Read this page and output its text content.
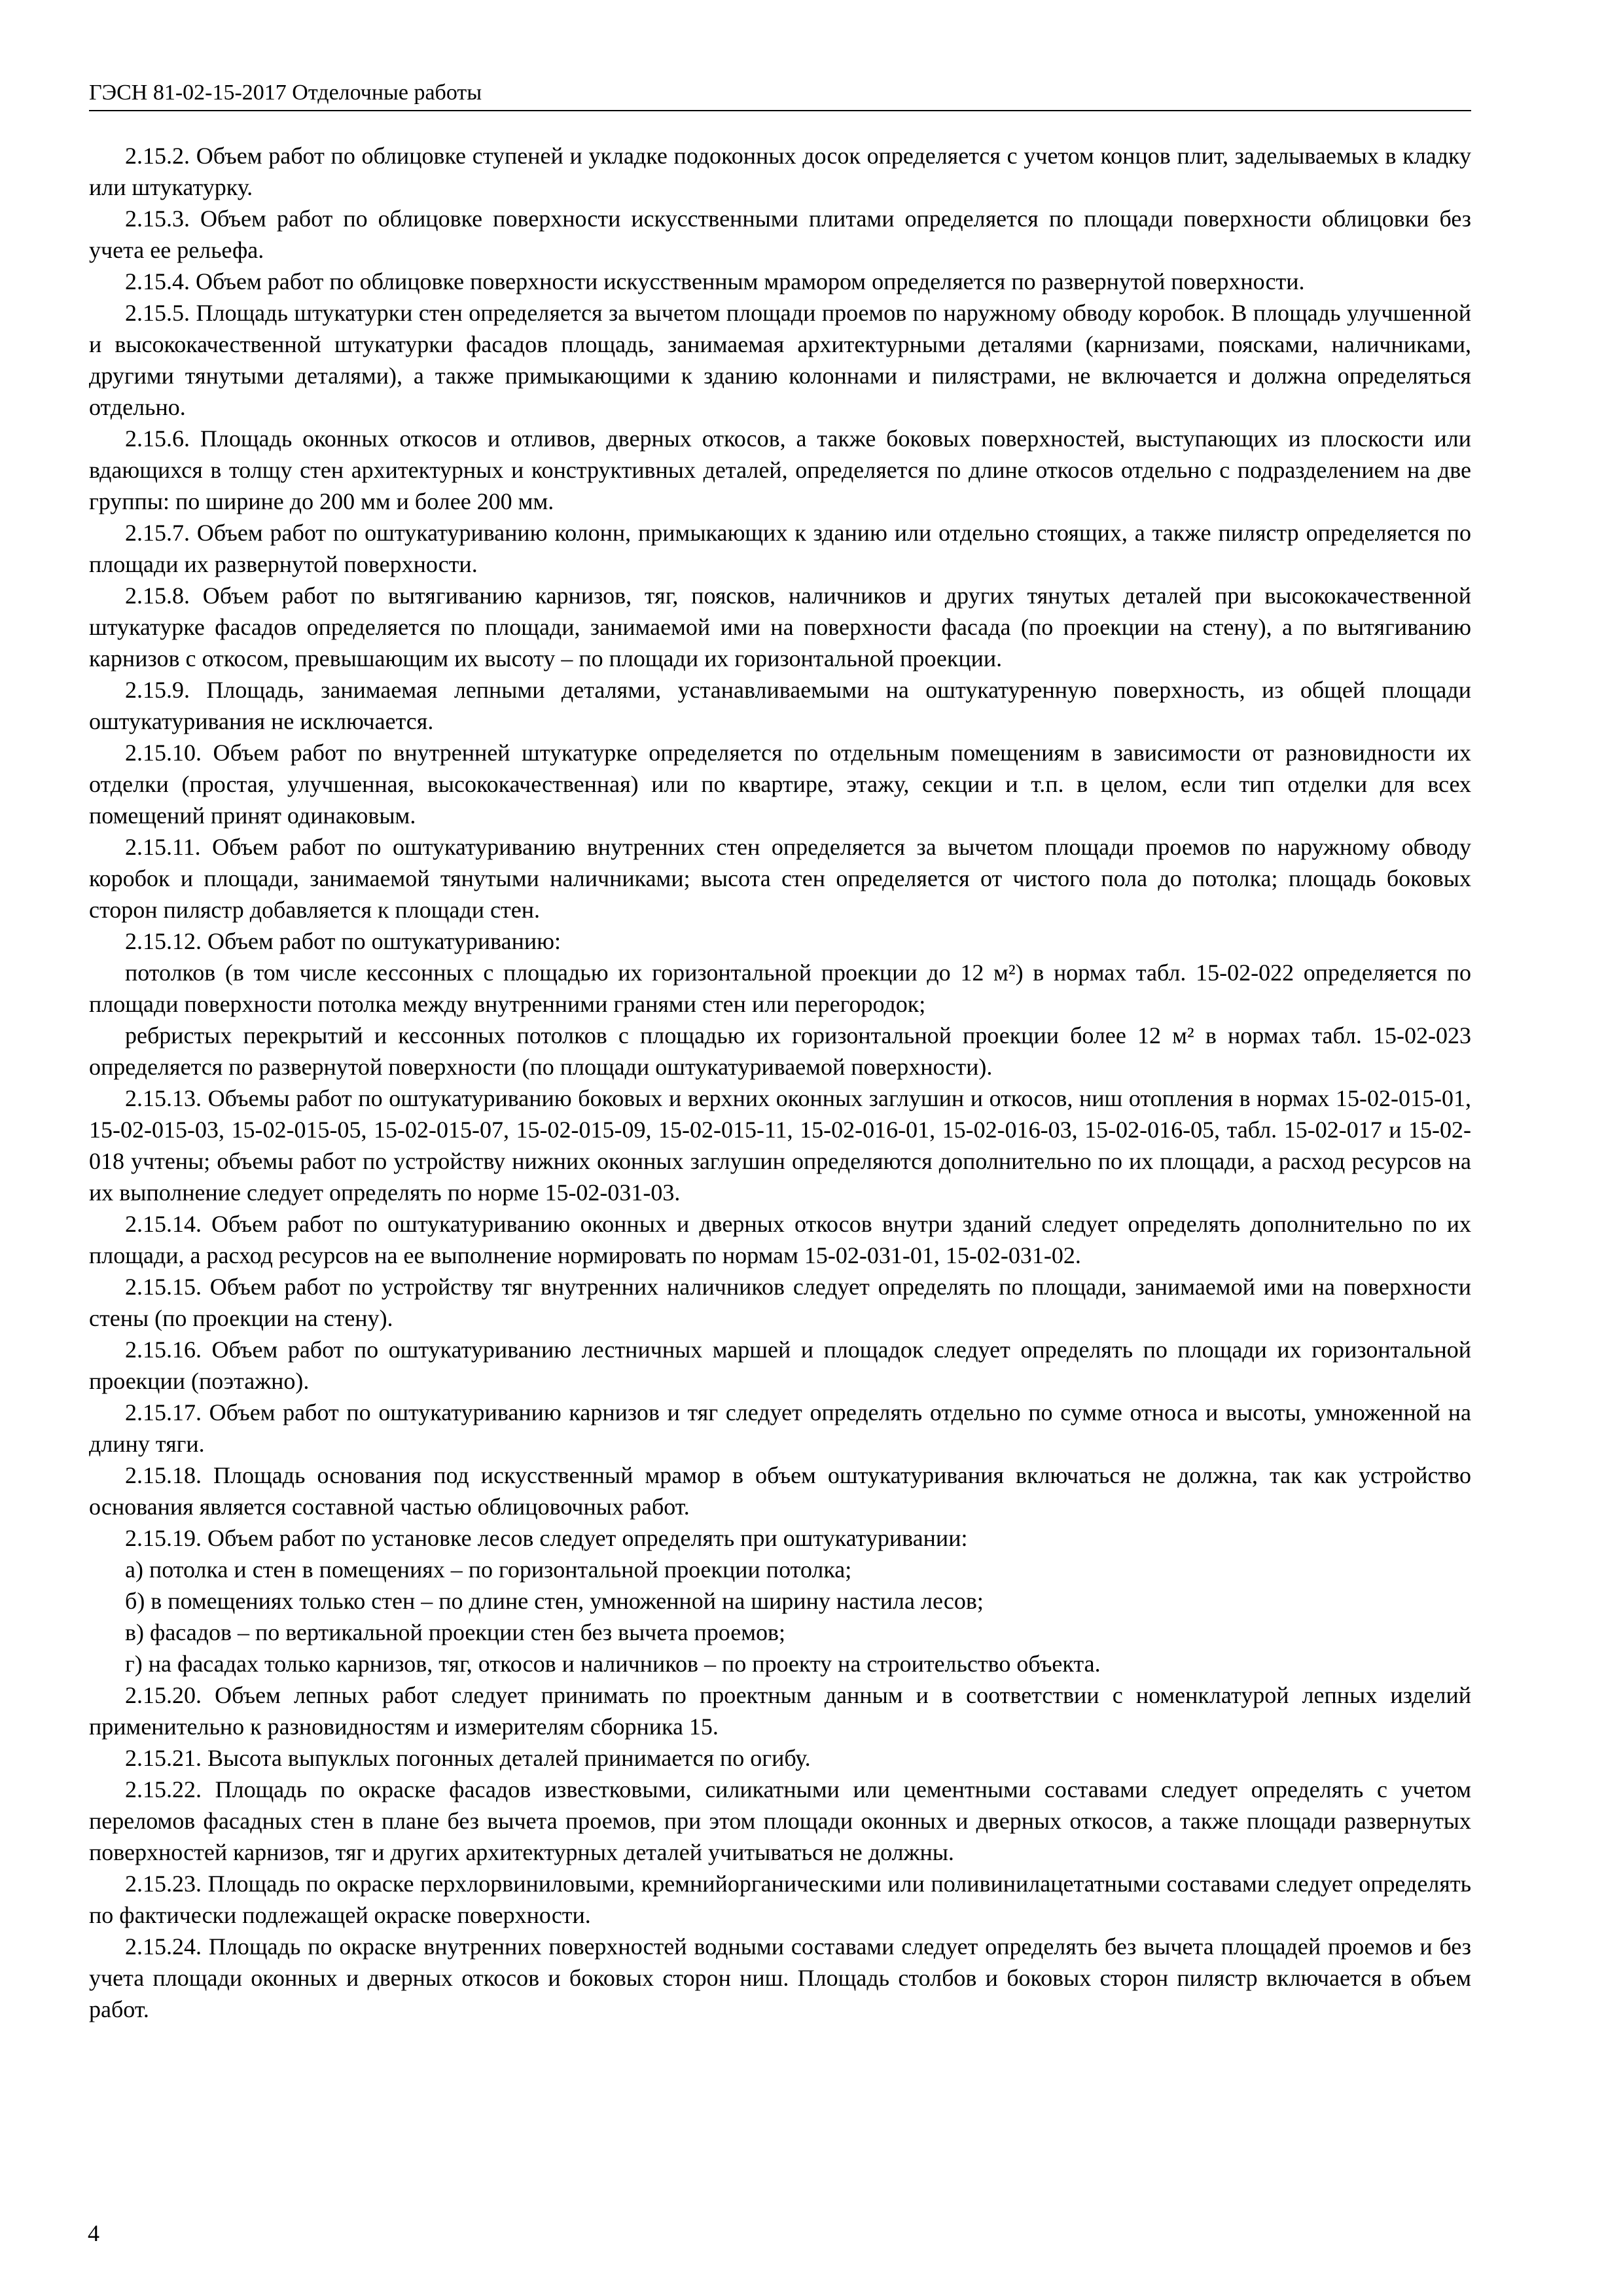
ГЭСН 81-02-15-2017 Отделочные работы

2.15.2. Объем работ по облицовке ступеней и укладке подоконных досок определяется с учетом концов плит, заделываемых в кладку или штукатурку.

2.15.3. Объем работ по облицовке поверхности искусственными плитами определяется по площади поверхности облицовки без учета ее рельефа.

2.15.4. Объем работ по облицовке поверхности искусственным мрамором определяется по развернутой поверхности.

2.15.5. Площадь штукатурки стен определяется за вычетом площади проемов по наружному обводу коробок. В площадь улучшенной и высококачественной штукатурки фасадов площадь, занимаемая архитектурными деталями (карнизами, поясками, наличниками, другими тянутыми деталями), а также примыкающими к зданию колоннами и пилястрами, не включается и должна определяться отдельно.

2.15.6. Площадь оконных откосов и отливов, дверных откосов, а также боковых поверхностей, выступающих из плоскости или вдающихся в толщу стен архитектурных и конструктивных деталей, определяется по длине откосов отдельно с подразделением на две группы: по ширине до 200 мм и более 200 мм.

2.15.7. Объем работ по оштукатуриванию колонн, примыкающих к зданию или отдельно стоящих, а также пилястр определяется по площади их развернутой поверхности.

2.15.8. Объем работ по вытягиванию карнизов, тяг, поясков, наличников и других тянутых деталей при высококачественной штукатурке фасадов определяется по площади, занимаемой ими на поверхности фасада (по проекции на стену), а по вытягиванию карнизов с откосом, превышающим их высоту – по площади их горизонтальной проекции.

2.15.9. Площадь, занимаемая лепными деталями, устанавливаемыми на оштукатуренную поверхность, из общей площади оштукатуривания не исключается.

2.15.10. Объем работ по внутренней штукатурке определяется по отдельным помещениям в зависимости от разновидности их отделки (простая, улучшенная, высококачественная) или по квартире, этажу, секции и т.п. в целом, если тип отделки для всех помещений принят одинаковым.

2.15.11. Объем работ по оштукатуриванию внутренних стен определяется за вычетом площади проемов по наружному обводу коробок и площади, занимаемой тянутыми наличниками; высота стен определяется от чистого пола до потолка; площадь боковых сторон пилястр добавляется к площади стен.

2.15.12. Объем работ по оштукатуриванию:

потолков (в том числе кессонных с площадью их горизонтальной проекции до 12 м²) в нормах табл. 15-02-022 определяется по площади поверхности потолка между внутренними гранями стен или перегородок;

ребристых перекрытий и кессонных потолков с площадью их горизонтальной проекции более 12 м² в нормах табл. 15-02-023 определяется по развернутой поверхности (по площади оштукатуриваемой поверхности).

2.15.13. Объемы работ по оштукатуриванию боковых и верхних оконных заглушин и откосов, ниш отопления в нормах 15-02-015-01, 15-02-015-03, 15-02-015-05, 15-02-015-07, 15-02-015-09, 15-02-015-11, 15-02-016-01, 15-02-016-03, 15-02-016-05, табл. 15-02-017 и 15-02-018 учтены; объемы работ по устройству нижних оконных заглушин определяются дополнительно по их площади, а расход ресурсов на их выполнение следует определять по норме 15-02-031-03.

2.15.14. Объем работ по оштукатуриванию оконных и дверных откосов внутри зданий следует определять дополнительно по их площади, а расход ресурсов на ее выполнение нормировать по нормам 15-02-031-01, 15-02-031-02.

2.15.15. Объем работ по устройству тяг внутренних наличников следует определять по площади, занимаемой ими на поверхности стены (по проекции на стену).

2.15.16. Объем работ по оштукатуриванию лестничных маршей и площадок следует определять по площади их горизонтальной проекции (поэтажно).

2.15.17. Объем работ по оштукатуриванию карнизов и тяг следует определять отдельно по сумме относа и высоты, умноженной на длину тяги.

2.15.18. Площадь основания под искусственный мрамор в объем оштукатуривания включаться не должна, так как устройство основания является составной частью облицовочных работ.

2.15.19. Объем работ по установке лесов следует определять при оштукатуривании:

а) потолка и стен в помещениях – по горизонтальной проекции потолка;

б) в помещениях только стен – по длине стен, умноженной на ширину настила лесов;

в) фасадов – по вертикальной проекции стен без вычета проемов;

г) на фасадах только карнизов, тяг, откосов и наличников – по проекту на строительство объекта.

2.15.20. Объем лепных работ следует принимать по проектным данным и в соответствии с номенклатурой лепных изделий применительно к разновидностям и измерителям сборника 15.

2.15.21. Высота выпуклых погонных деталей принимается по огибу.

2.15.22. Площадь по окраске фасадов известковыми, силикатными или цементными составами следует определять с учетом переломов фасадных стен в плане без вычета проемов, при этом площади оконных и дверных откосов, а также площади развернутых поверхностей карнизов, тяг и других архитектурных деталей учитываться не должны.

2.15.23. Площадь по окраске перхлорвиниловыми, кремнийорганическими или поливинилацетатными составами следует определять по фактически подлежащей окраске поверхности.

2.15.24. Площадь по окраске внутренних поверхностей водными составами следует определять без вычета площадей проемов и без учета площади оконных и дверных откосов и боковых сторон ниш. Площадь столбов и боковых сторон пилястр включается в объем работ.

4
